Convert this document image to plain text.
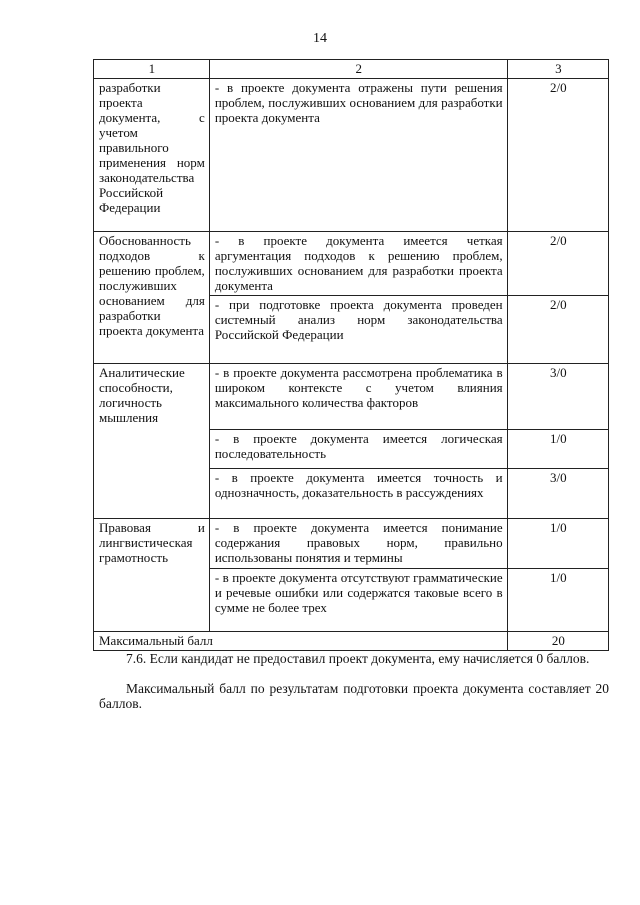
14
1	2	3
разработки проекта документа, с учетом правильного применения норм законодательства Российской Федерации	- в проекте документа отражены пути решения проблем, послуживших основанием для разработки проекта документа	2/0
Обоснованность подходов к решению проблем, послуживших основанием для разработки проекта документа	- в проекте документа имеется четкая аргументация подходов к решению проблем, послуживших основанием для разработки проекта документа	2/0
	- при подготовке проекта документа проведен системный анализ норм законодательства Российской Федерации	2/0
Аналитические способности, логичность мышления	- в проекте документа рассмотрена проблематика в широком контексте с учетом влияния максимального количества факторов	3/0
	- в проекте документа имеется логическая последовательность	1/0
	- в проекте документа имеется точность и однозначность, доказательность в рассуждениях	3/0
Правовая и лингвистическая грамотность	- в проекте документа имеется понимание содержания правовых норм, правильно использованы понятия и термины	1/0
	- в проекте документа отсутствуют грамматические и речевые ошибки или содержатся таковые всего в сумме не более трех	1/0
Максимальный балл		20

7.6. Если кандидат не предоставил проект документа, ему начисляется 0 баллов.

Максимальный балл по результатам подготовки проекта документа составляет 20 баллов.
